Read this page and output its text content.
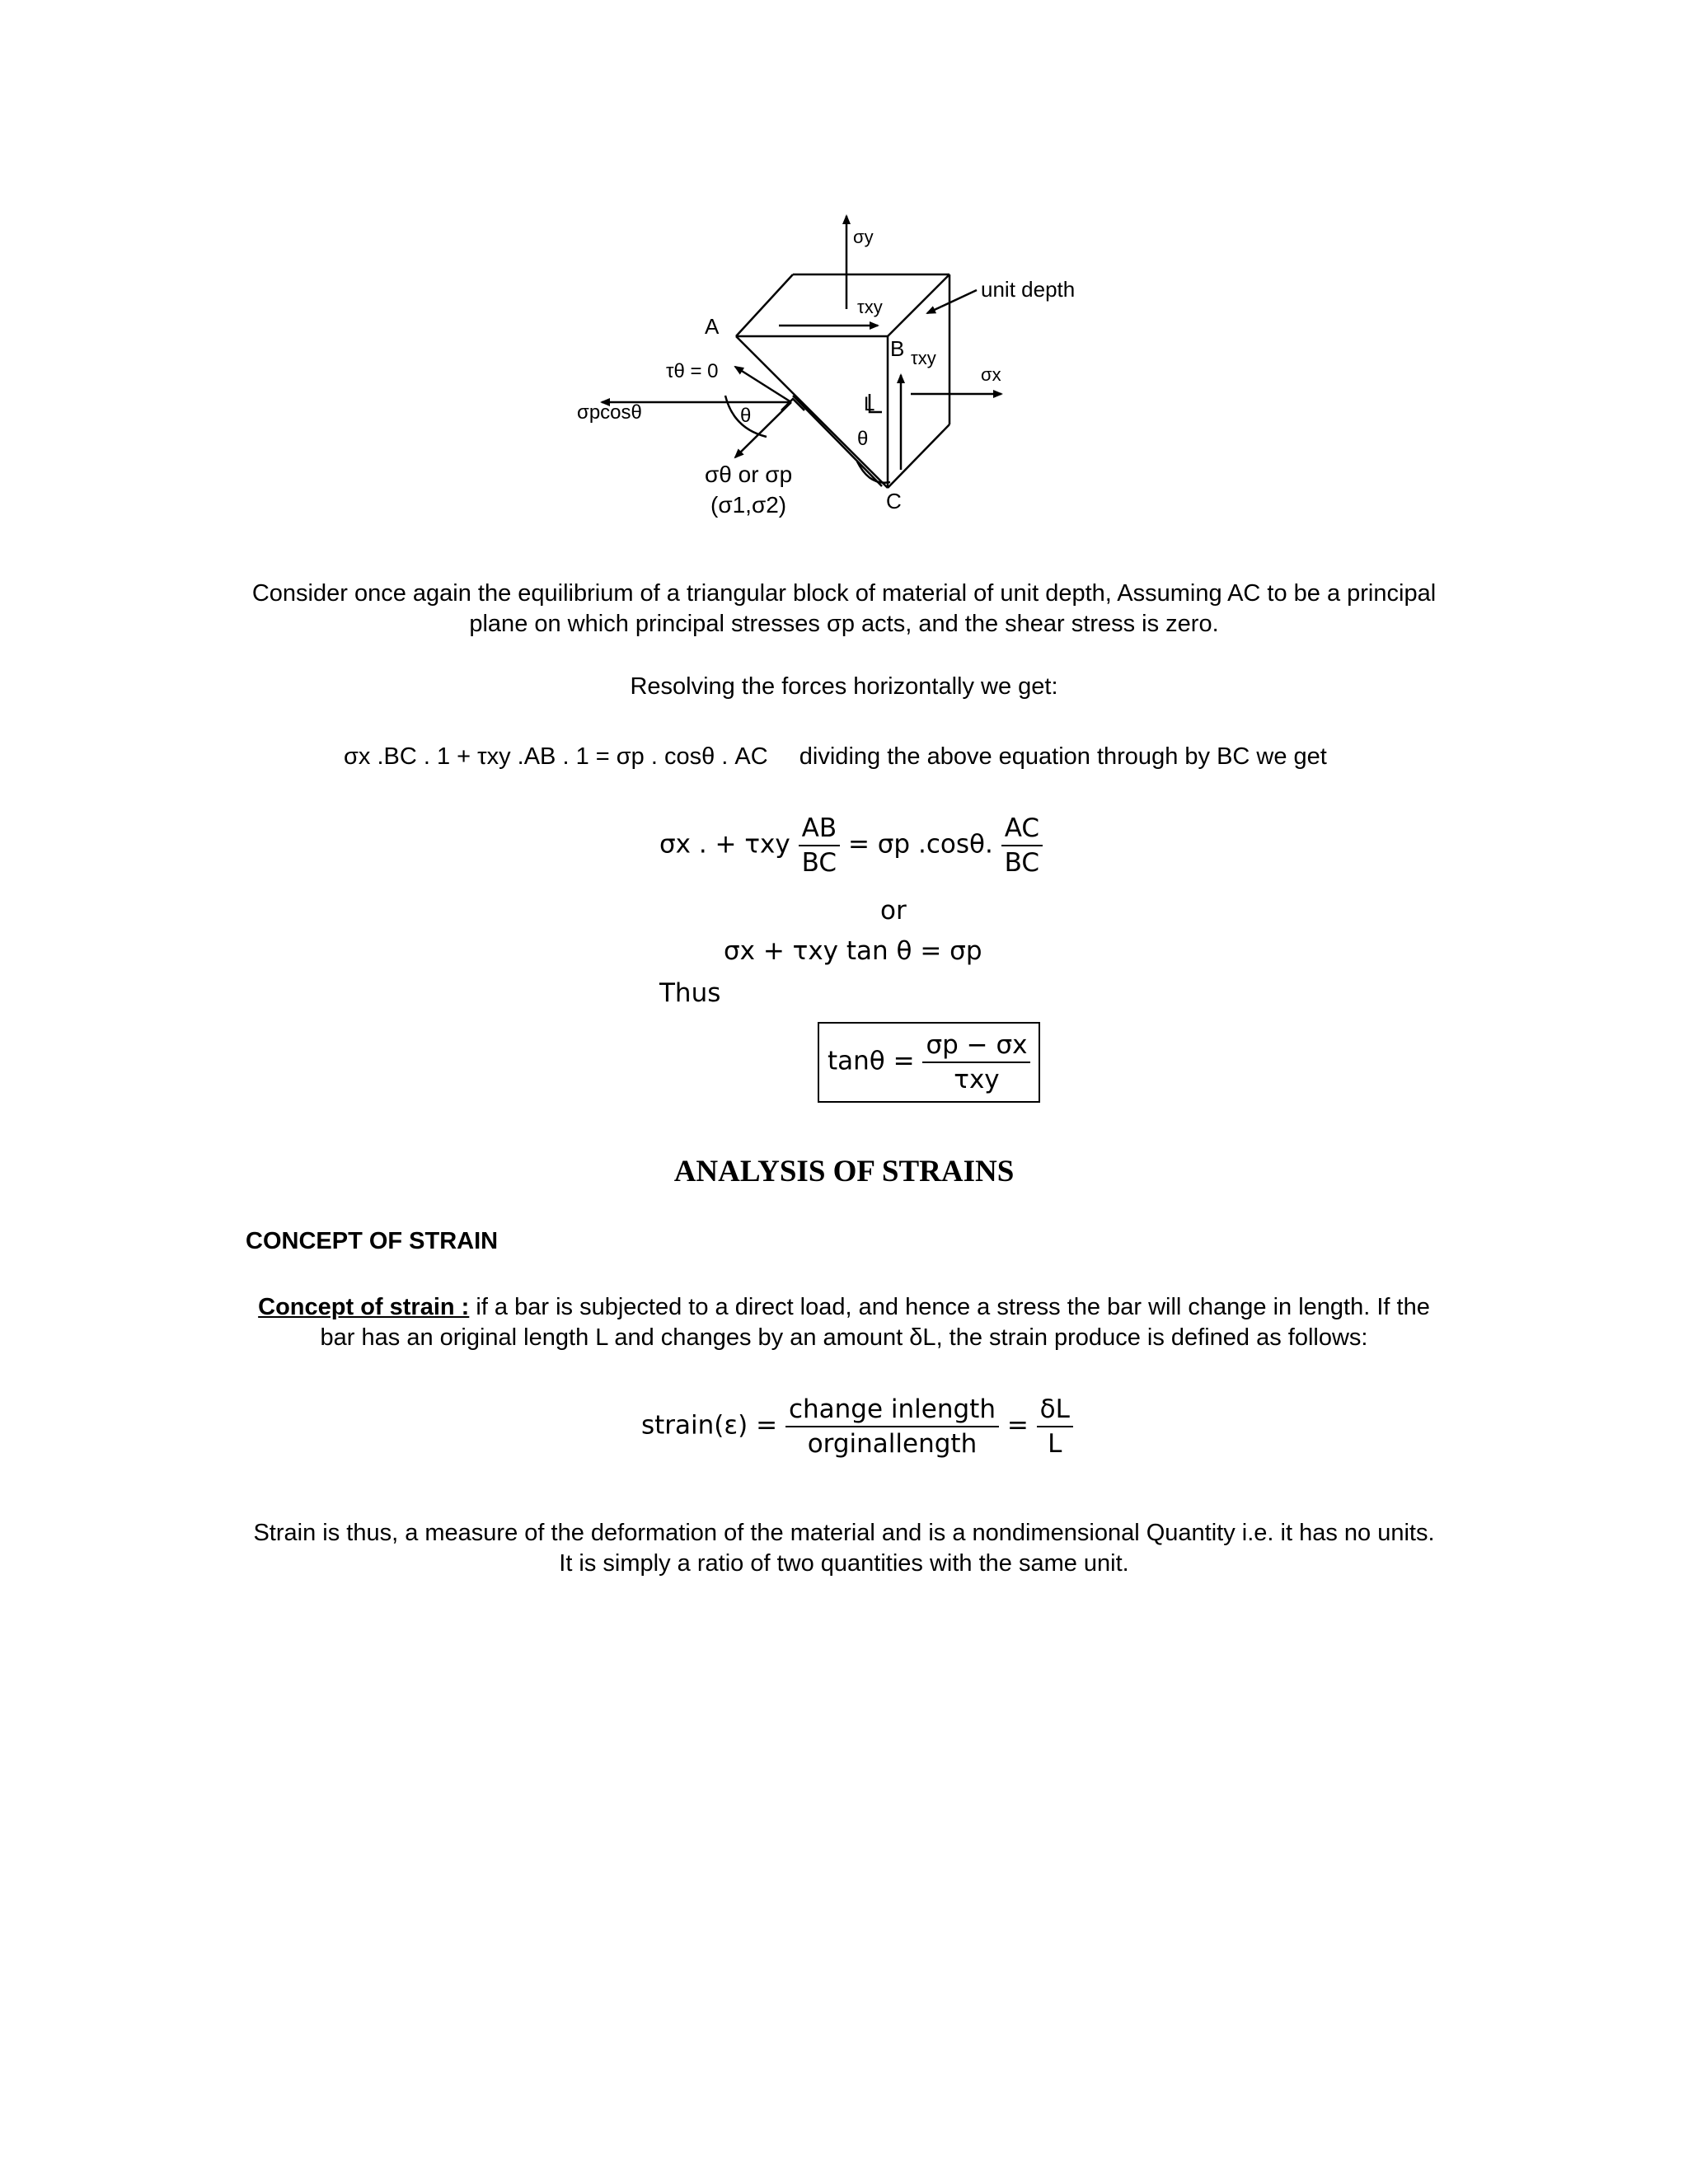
σy
τxy
unit depth
A
B τxy
σx
τθ = 0
σpcosθ	θ
L
θ
σθ or σp
(σ1,σ2)	C
Consider once again the equilibrium of a triangular block of material of unit depth, Assuming AC to be a principal plane on which principal stresses σp acts, and the shear stress is zero.
Resolving the forces horizontally we get:
σx .BC . 1 + τxy .AB . 1 = σp . cosθ . AC dividing the above equation through by BC we get
σx . + τxy $\frac{AB}{BC} = \sigma p$ .cosθ. $\frac{AC}{BC}$
or
σx + τxy tan θ = σp
Thus
$\tan\theta = \frac{\sigma p - \sigma x}{\text{τxy}}$
ANALYSIS OF STRAINS
CONCEPT OF STRAIN
Concept of strain : if a bar is subjected to a direct load, and hence a stress the bar will change in length. If the bar has an original length L and changes by an amount δL, the strain produce is defined as follows:
strain(ε) = $\frac{\text{change inlength}}{\text{orginallength}} = \frac{\delta L}{L}$
Strain is thus, a measure of the deformation of the material and is a nondimensional Quantity i.e. it has no units. It is simply a ratio of two quantities with the same unit.
